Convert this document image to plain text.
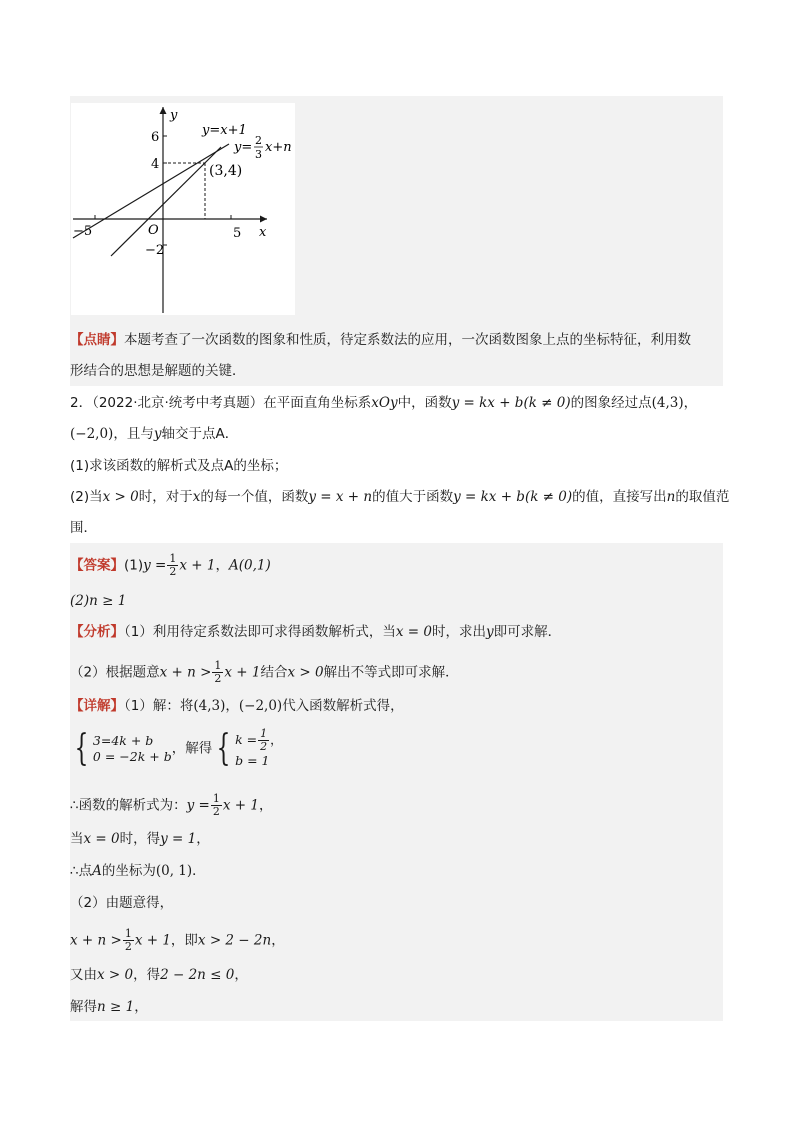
y
x
O
6
4
−2
−5	5
y=x+1
y= 2
3 x+n
(3,4)
【点睛】本题考查了一次函数的图象和性质，待定系数法的应用，一次函数图象上点的坐标特征，利用数
形结合的思想是解题的关键．
2．（2022·北京·统考中考真题）在平面直角坐标系xOy中，函数y = kx + b(k ≠ 0)的图象经过点(4,3)，
(−2,0)，且与y轴交于点A．
(1)求该函数的解析式及点A的坐标；
(2)当x > 0时，对于x的每一个值，函数y = x + n的值大于函数y = kx + b(k ≠ 0)的值，直接写出n的取值范
围．
【答案】$(1)y = \frac{1}{2}$ x + 1，A(0,1)
(2)n ≥ 1
【分析】（1）利用待定系数法即可求得函数解析式，当x = 0时，求出y即可求解．
（2）根据题意$x + n > \frac{1}{2}$ x + 1结合x > 0解出不等式即可求解．
【详解】（1）解：将(4,3)，(−2,0)代入函数解析式得，
{ 3=4k + b
0 = −2k + b ，解得 { $k = \frac{1}{2}$ ，
b = 1
∴函数的解析式为：$y = \frac{1}{2}$ x + 1，
当x = 0时，得y = 1，
∴点A的坐标为(0, 1)．
（2）由题意得，
$x + n > \frac{1}{2}$ x + 1，即x > 2 − 2n，
又由x > 0，得2 − 2n ≤ 0，
解得n ≥ 1，
